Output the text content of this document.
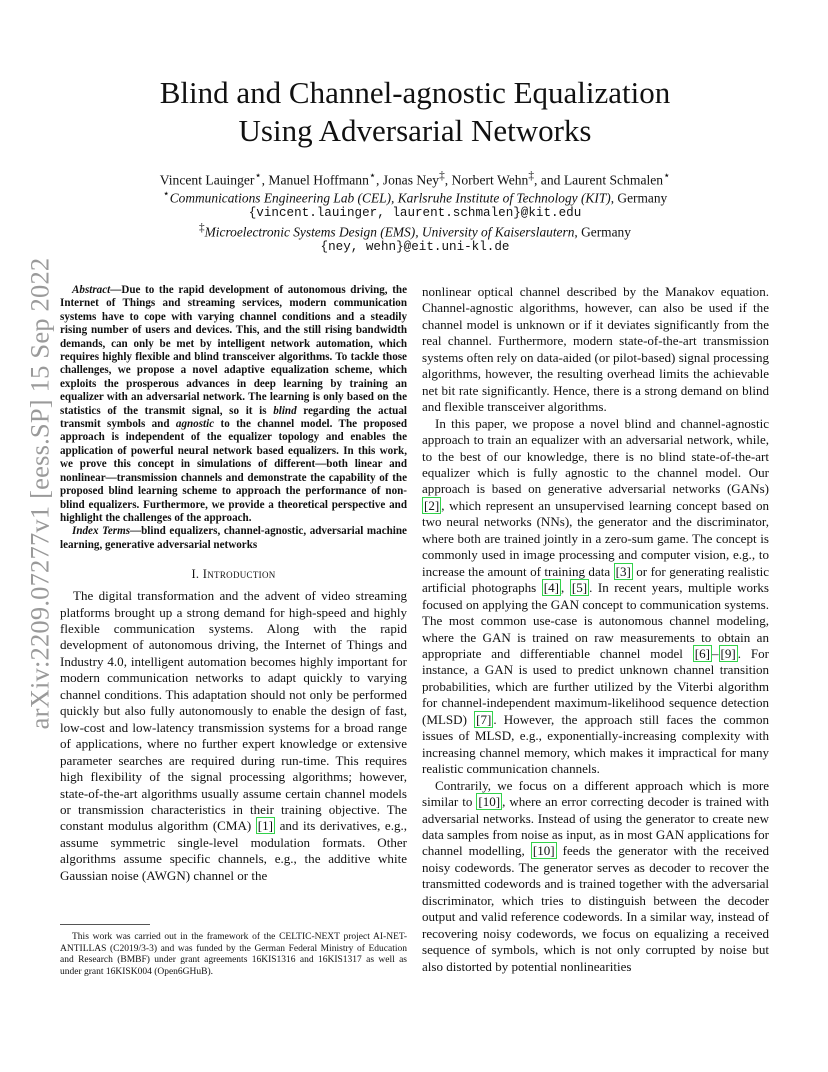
arXiv:2209.07277v1 [eess.SP] 15 Sep 2022
Blind and Channel-agnostic Equalization
Using Adversarial Networks
Vincent Lauinger⋆, Manuel Hoffmann⋆, Jonas Ney‡, Norbert Wehn‡, and Laurent Schmalen⋆
⋆Communications Engineering Lab (CEL), Karlsruhe Institute of Technology (KIT), Germany
{vincent.lauinger, laurent.schmalen}@kit.edu
‡Microelectronic Systems Design (EMS), University of Kaiserslautern, Germany
{ney, wehn}@eit.uni-kl.de

Abstract—Due to the rapid development of autonomous driving, the Internet of Things and streaming services, modern communication systems have to cope with varying channel conditions and a steadily rising number of users and devices. This, and the still rising bandwidth demands, can only be met by intelligent network automation, which requires highly flexible and blind transceiver algorithms. To tackle those challenges, we propose a novel adaptive equalization scheme, which exploits the prosperous advances in deep learning by training an equalizer with an adversarial network. The learning is only based on the statistics of the transmit signal, so it is blind regarding the actual transmit symbols and agnostic to the channel model. The proposed approach is independent of the equalizer topology and enables the application of powerful neural network based equalizers. In this work, we prove this concept in simulations of different—both linear and nonlinear—transmission channels and demonstrate the capability of the proposed blind learning scheme to approach the performance of non-blind equalizers. Furthermore, we provide a theoretical perspective and highlight the challenges of the approach.

Index Terms—blind equalizers, channel-agnostic, adversarial machine learning, generative adversarial networks

I. Introduction

The digital transformation and the advent of video streaming platforms brought up a strong demand for high-speed and highly flexible communication systems. Along with the rapid development of autonomous driving, the Internet of Things and Industry 4.0, intelligent automation becomes highly important for modern communication networks to adapt quickly to varying channel conditions. This adaptation should not only be performed quickly but also fully autonomously to enable the design of fast, low-cost and low-latency transmission systems for a broad range of applications, where no further expert knowledge or extensive parameter searches are required during run-time. This requires high flexibility of the signal processing algorithms; however, state-of-the-art algorithms usually assume certain channel models or transmission characteristics in their training objective. The constant modulus algorithm (CMA) [1] and its derivatives, e.g., assume symmetric single-level modulation formats. Other algorithms assume specific channels, e.g., the additive white Gaussian noise (AWGN) channel or the

This work was carried out in the framework of the CELTIC-NEXT project AI-NET-ANTILLAS (C2019/3-3) and was funded by the German Federal Ministry of Education and Research (BMBF) under grant agreements 16KIS1316 and 16KIS1317 as well as under grant 16KISK004 (Open6GHuB).

nonlinear optical channel described by the Manakov equation. Channel-agnostic algorithms, however, can also be used if the channel model is unknown or if it deviates significantly from the real channel. Furthermore, modern state-of-the-art transmission systems often rely on data-aided (or pilot-based) signal processing algorithms, however, the resulting overhead limits the achievable net bit rate significantly. Hence, there is a strong demand on blind and flexible transceiver algorithms.

In this paper, we propose a novel blind and channel-agnostic approach to train an equalizer with an adversarial network, while, to the best of our knowledge, there is no blind state-of-the-art equalizer which is fully agnostic to the channel model. Our approach is based on generative adversarial networks (GANs) [2] , which represent an unsupervised learning concept based on two neural networks (NNs), the generator and the discriminator, where both are trained jointly in a zero-sum game. The concept is commonly used in image processing and computer vision, e.g., to increase the amount of training data [3] or for generating realistic artificial photographs [4] , [5] . In recent years, multiple works focused on applying the GAN concept to communication systems. The most common use-case is autonomous channel modeling, where the GAN is trained on raw measurements to obtain an appropriate and differentiable channel model [6] – [9] . For instance, a GAN is used to predict unknown channel transition probabilities, which are further utilized by the Viterbi algorithm for channel-independent maximum-likelihood sequence detection (MLSD) [7] . However, the approach still faces the common issues of MLSD, e.g., exponentially-increasing complexity with increasing channel memory, which makes it impractical for many realistic communication channels.

Contrarily, we focus on a different approach which is more similar to [10] , where an error correcting decoder is trained with adversarial networks. Instead of using the generator to create new data samples from noise as input, as in most GAN applications for channel modelling, [10] feeds the generator with the received noisy codewords. The generator serves as decoder to recover the transmitted codewords and is trained together with the adversarial discriminator, which tries to distinguish between the decoder output and valid reference codewords. In a similar way, instead of recovering noisy codewords, we focus on equalizing a received sequence of symbols, which is not only corrupted by noise but also distorted by potential nonlinearities
